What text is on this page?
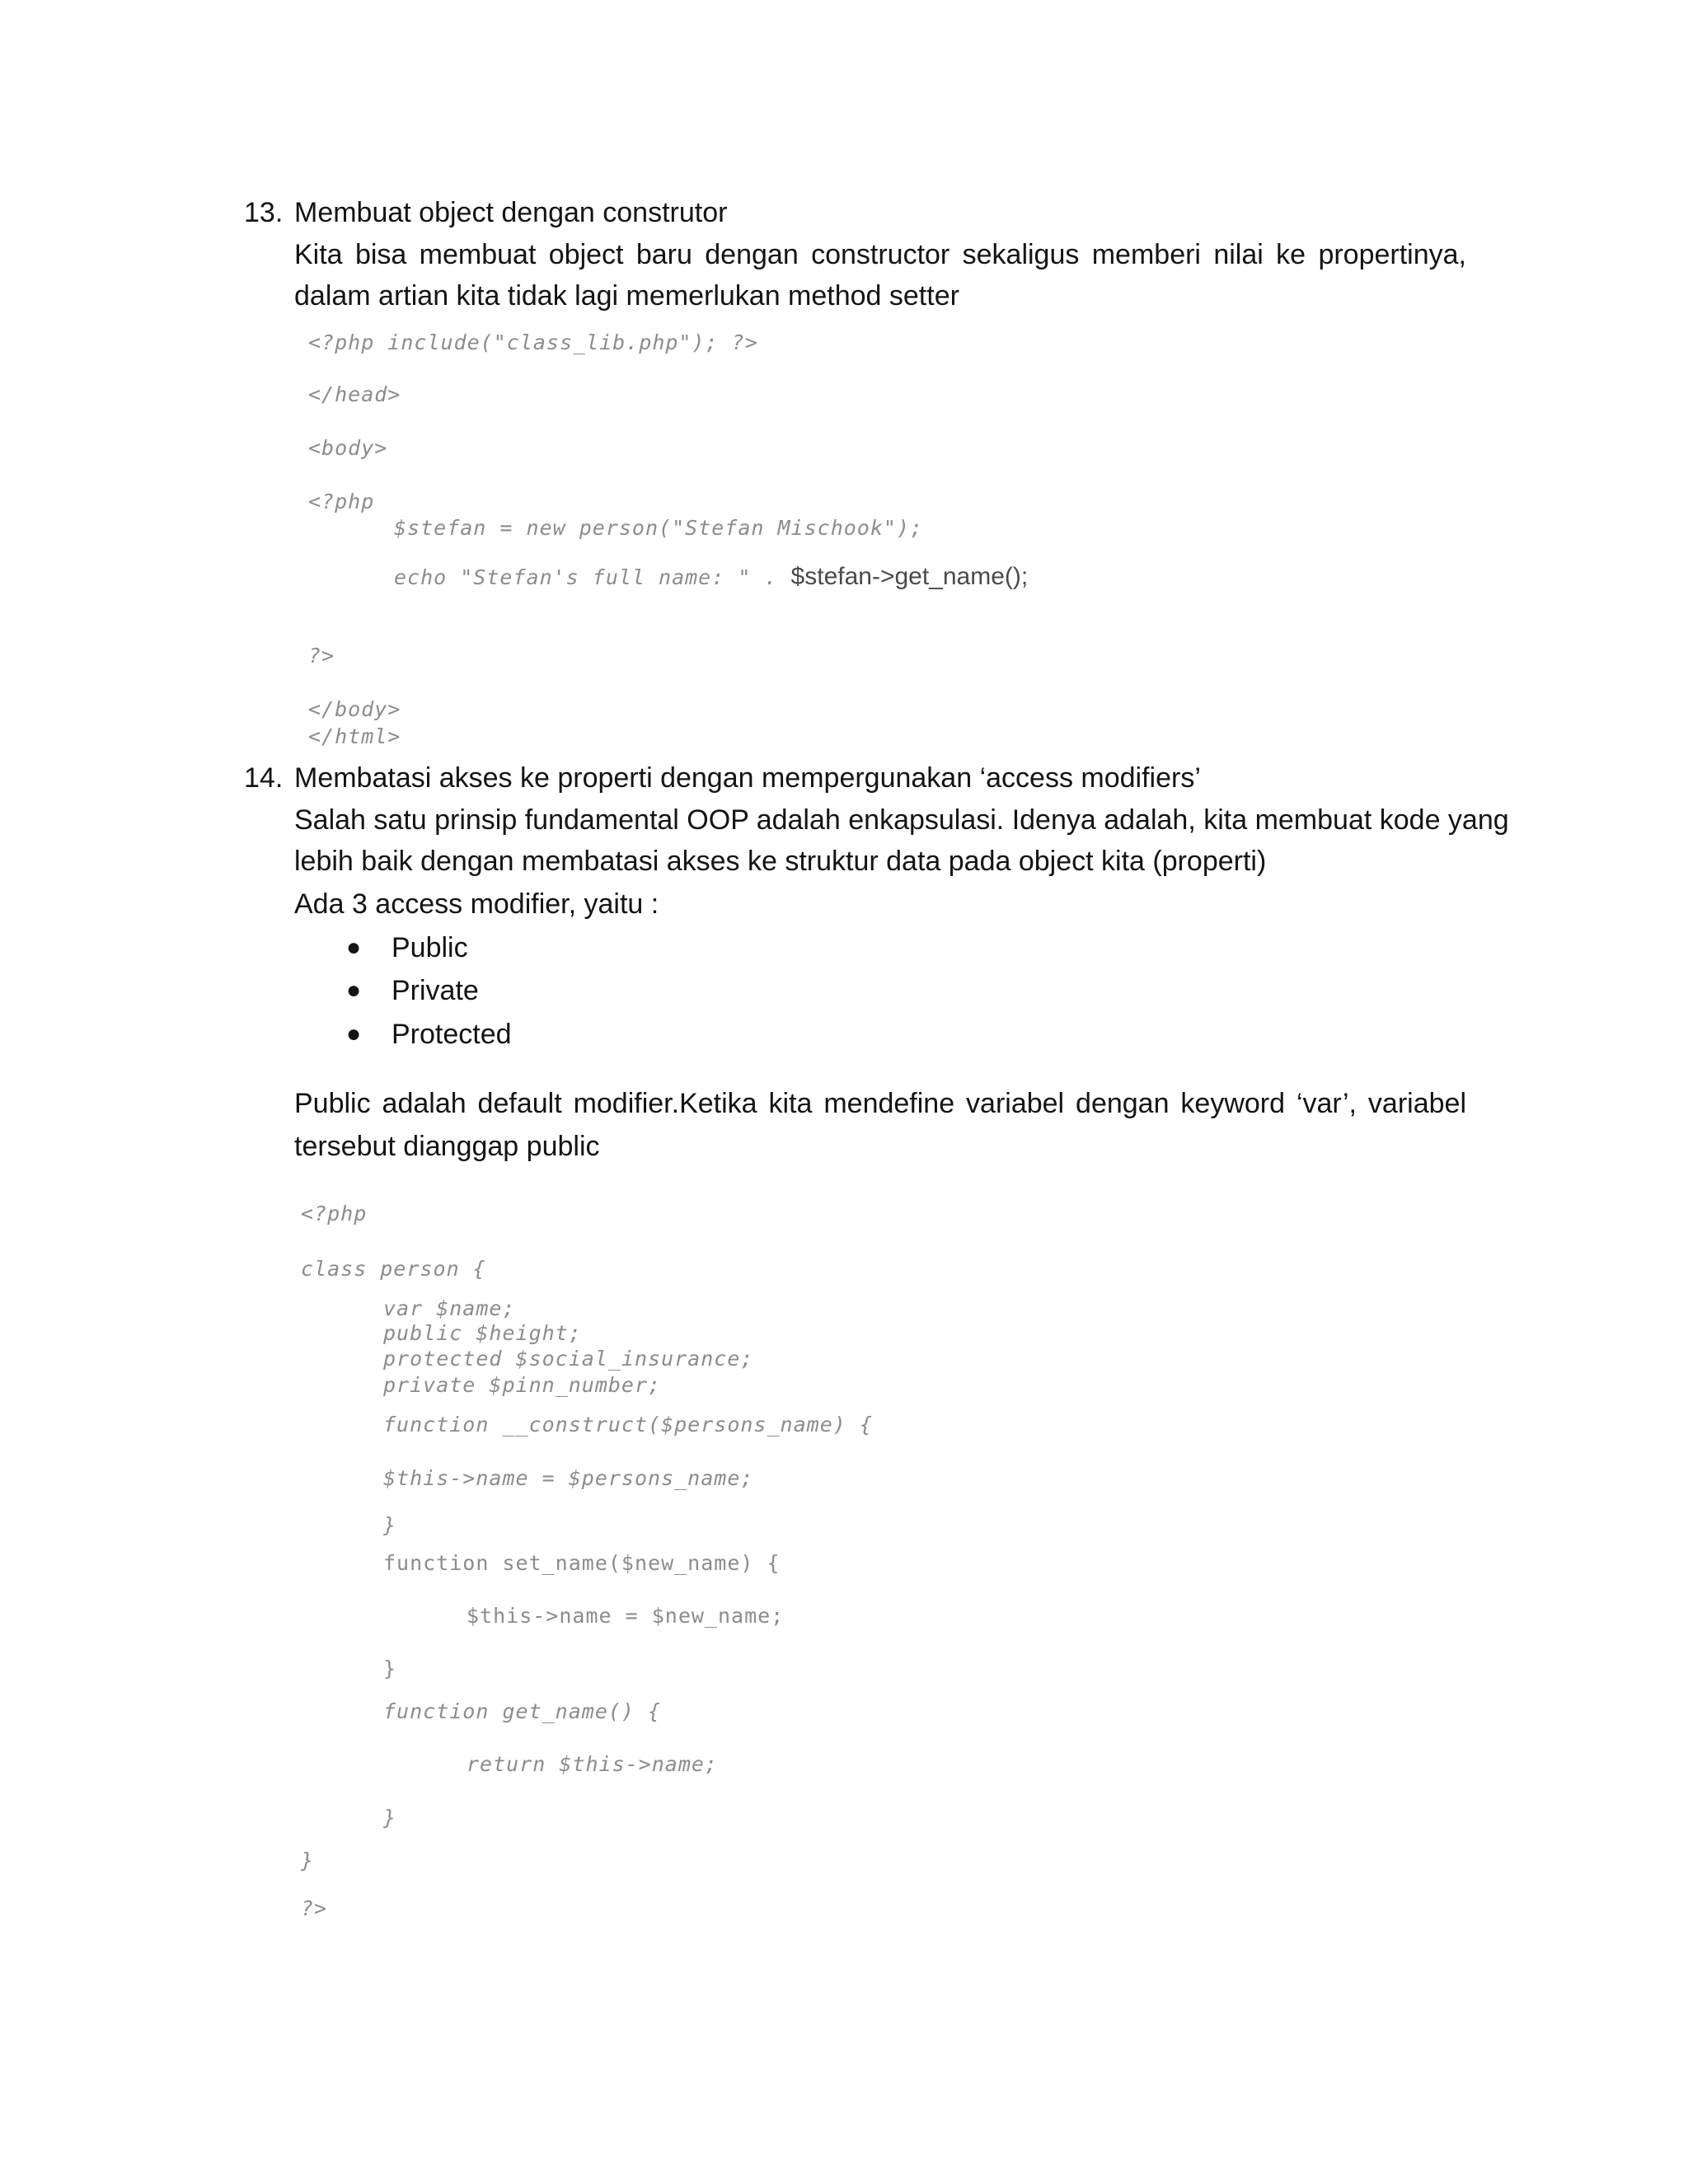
13. Membuat object dengan construtor
Kita bisa membuat object baru dengan constructor sekaligus memberi nilai ke propertinya,
dalam artian kita tidak lagi memerlukan method setter
<?php include("class_lib.php"); ?>
</head>
<body>
<?php
$stefan = new person("Stefan Mischook");
echo "Stefan's full name: " . $stefan->get_name();
?>
</body>
</html>
14. Membatasi akses ke properti dengan mempergunakan ‘access modifiers’
Salah satu prinsip fundamental OOP adalah enkapsulasi. Idenya adalah, kita membuat kode yang
lebih baik dengan membatasi akses ke struktur data pada object kita (properti)
Ada 3 access modifier, yaitu :
● Public
● Private
● Protected
Public adalah default modifier.Ketika kita mendefine variabel dengan keyword ‘var’, variabel
tersebut dianggap public
<?php
class person {
var $name;
public $height;
protected $social_insurance;
private $pinn_number;
function __construct($persons_name) {
$this->name = $persons_name;
}
function set_name($new_name) {
$this->name = $new_name;
}
function get_name() {
return $this->name;
}
}
?>
